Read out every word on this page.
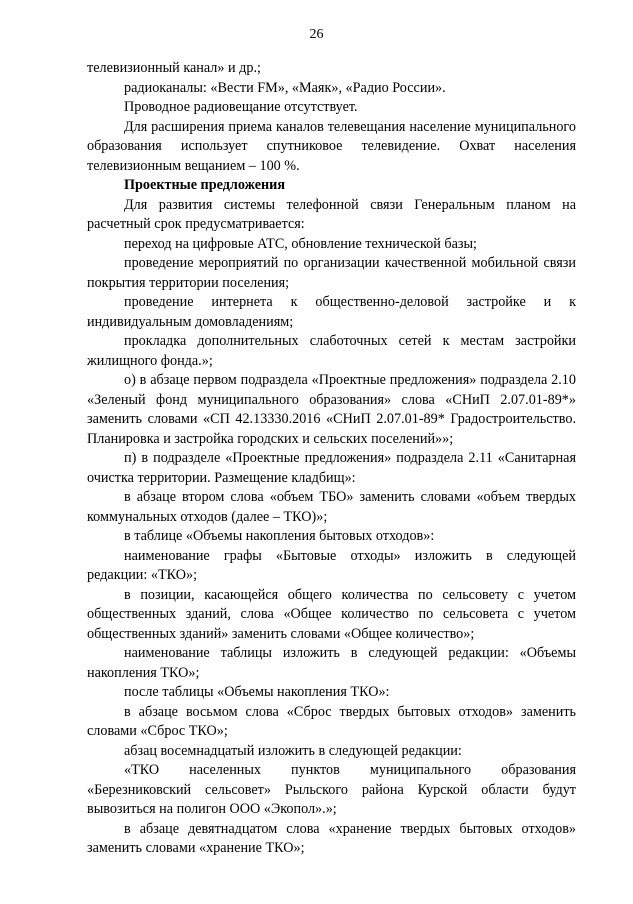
26

телевизионный канал» и др.;

радиоканалы: «Вести FM», «Маяк», «Радио России».

Проводное радиовещание отсутствует.

Для расширения приема каналов телевещания население муниципального образования использует спутниковое телевидение. Охват населения телевизионным вещанием – 100 %.

Проектные предложения

Для развития системы телефонной связи Генеральным планом на расчетный срок предусматривается:

переход на цифровые АТС, обновление технической базы;

проведение мероприятий по организации качественной мобильной связи покрытия территории поселения;

проведение интернета к общественно-деловой застройке и к индивидуальным домовладениям;

прокладка дополнительных слаботочных сетей к местам застройки жилищного фонда.»;

о) в абзаце первом подраздела «Проектные предложения» подраздела 2.10 «Зеленый фонд муниципального образования» слова «СНиП 2.07.01-89*» заменить словами «СП 42.13330.2016 «СНиП 2.07.01-89* Градостроительство. Планировка и застройка городских и сельских поселений»»;

п) в подразделе «Проектные предложения» подраздела 2.11 «Санитарная очистка территории. Размещение кладбищ»:

в абзаце втором слова «объем ТБО» заменить словами «объем твердых коммунальных отходов (далее – ТКО)»;

в таблице «Объемы накопления бытовых отходов»:

наименование графы «Бытовые отходы» изложить в следующей редакции: «ТКО»;

в позиции, касающейся общего количества по сельсовету с учетом общественных зданий, слова «Общее количество по сельсовета с учетом общественных зданий» заменить словами «Общее количество»;

наименование таблицы изложить в следующей редакции: «Объемы накопления ТКО»;

после таблицы «Объемы накопления ТКО»:

в абзаце восьмом слова «Сброс твердых бытовых отходов» заменить словами «Сброс ТКО»;

абзац восемнадцатый изложить в следующей редакции:

«ТКО населенных пунктов муниципального образования «Березниковский сельсовет» Рыльского района Курской области будут вывозиться на полигон ООО «Экопол».»;

в абзаце девятнадцатом слова «хранение твердых бытовых отходов» заменить словами «хранение ТКО»;
